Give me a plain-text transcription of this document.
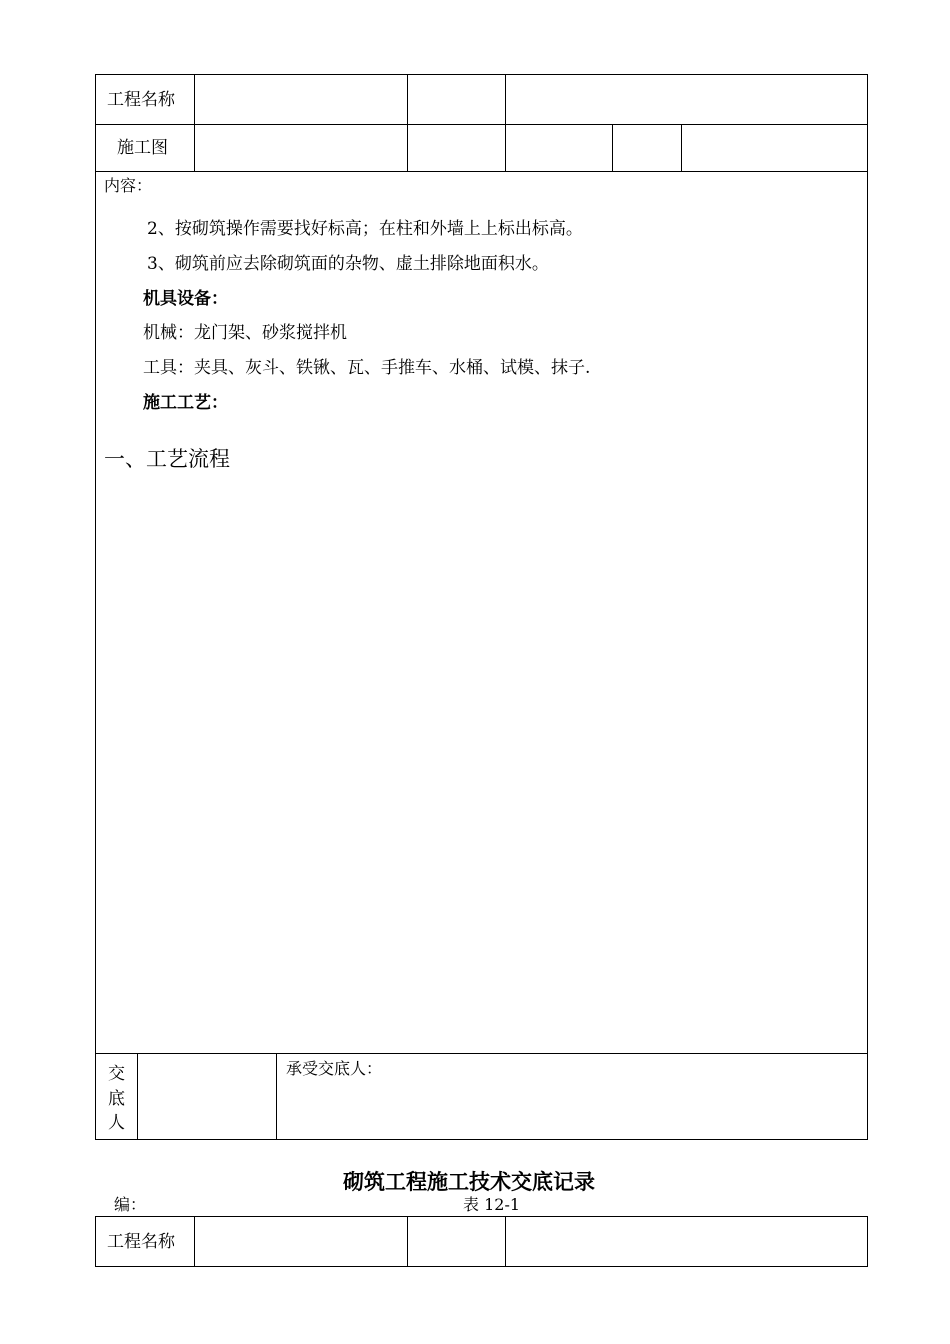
工程名称
施工图
内容：
2、按砌筑操作需要找好标高；在柱和外墙上上标出标高。
3、砌筑前应去除砌筑面的杂物、虚土排除地面积水。
机具设备：
机械：龙门架、砂浆搅拌机
工具：夹具、灰斗、铁锹、瓦、手推车、水桶、试模、抹子.
施工工艺：
一、工艺流程
交
底
人
承受交底人：
砌筑工程施工技术交底记录
编：	表 12-1
工程名称
